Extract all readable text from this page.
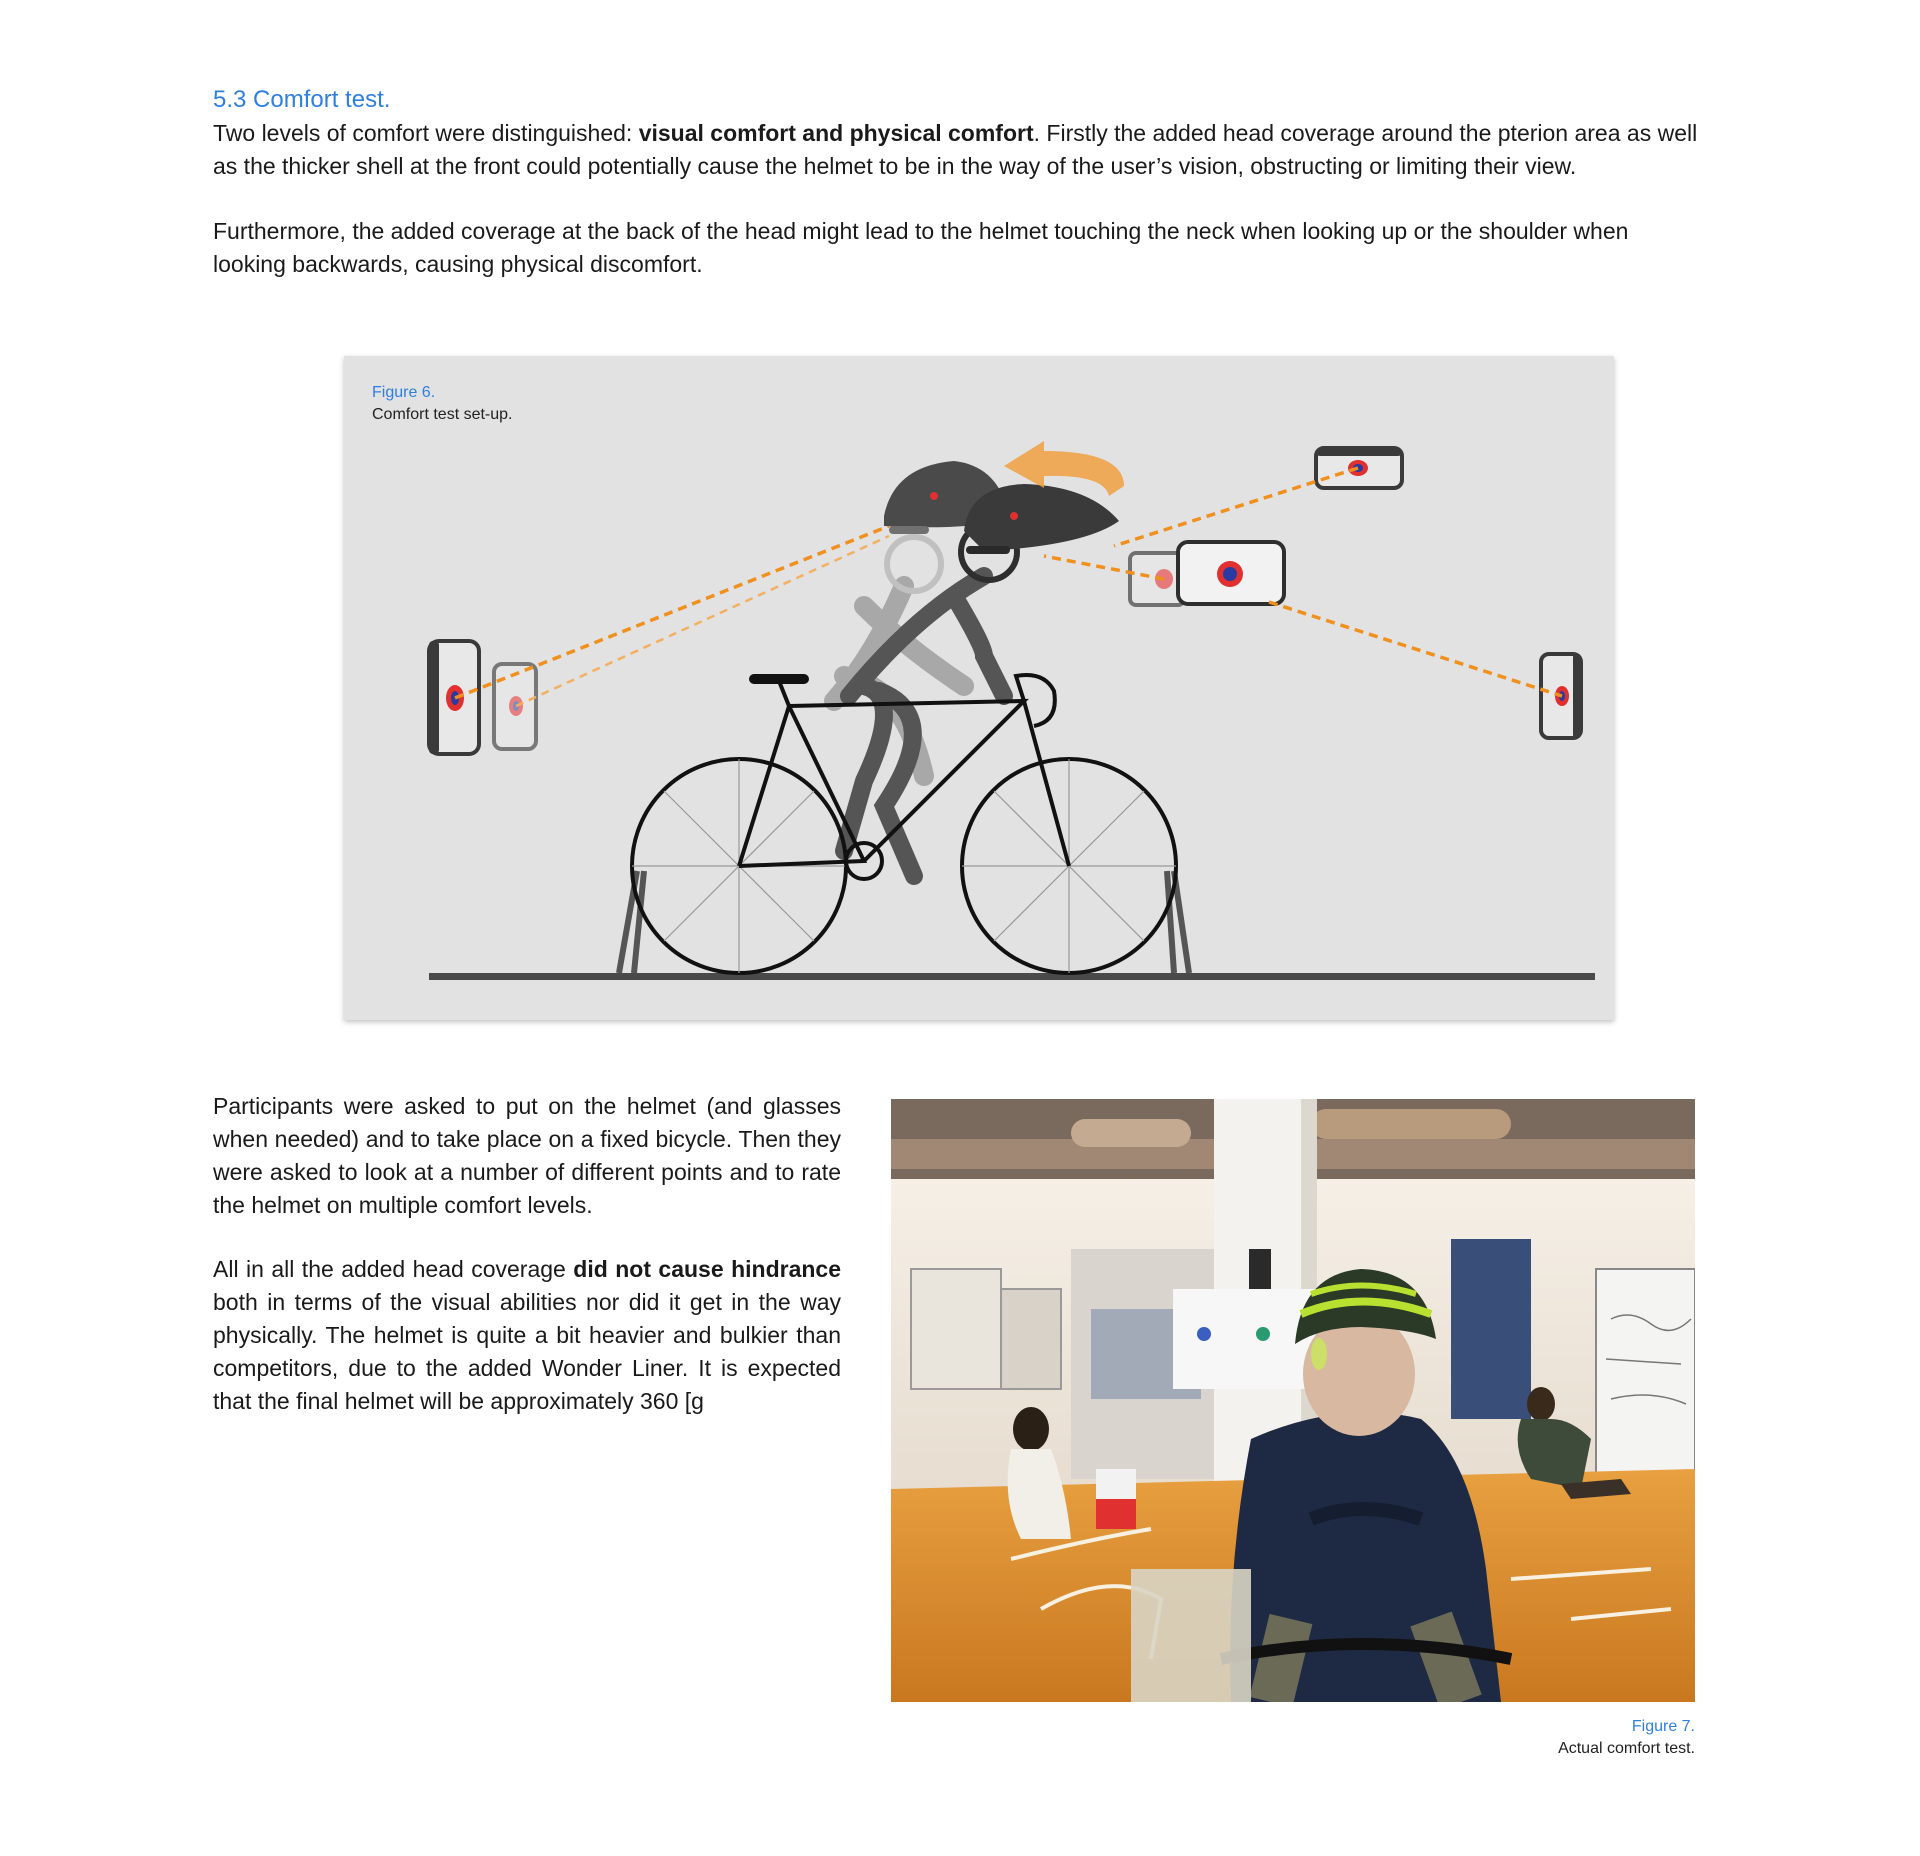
5.3 Comfort test.

Two levels of comfort were distinguished: visual comfort and physical comfort. Firstly the added head coverage around the pterion area as well as the thicker shell at the front could potentially cause the helmet to be in the way of the user’s vision, obstructing or limiting their view.

Furthermore, the added coverage at the back of the head might lead to the helmet touching the neck when looking up or the shoulder when looking backwards, causing physical discomfort.

Figure 6.
Comfort test set-up.

Participants were asked to put on the helmet (and glasses when needed) and to take place on a fixed bicycle. Then they were asked to look at a number of different points and to rate the helmet on multiple comfort levels.

All in all the added head coverage did not cause hindrance both in terms of the visual abilities nor did it get in the way physically. The helmet is quite a bit heavier and bulkier than competitors, due to the added Wonder Liner. It is expected that the final helmet will be approximately 360 [g

Figure 7.
Actual comfort test.
